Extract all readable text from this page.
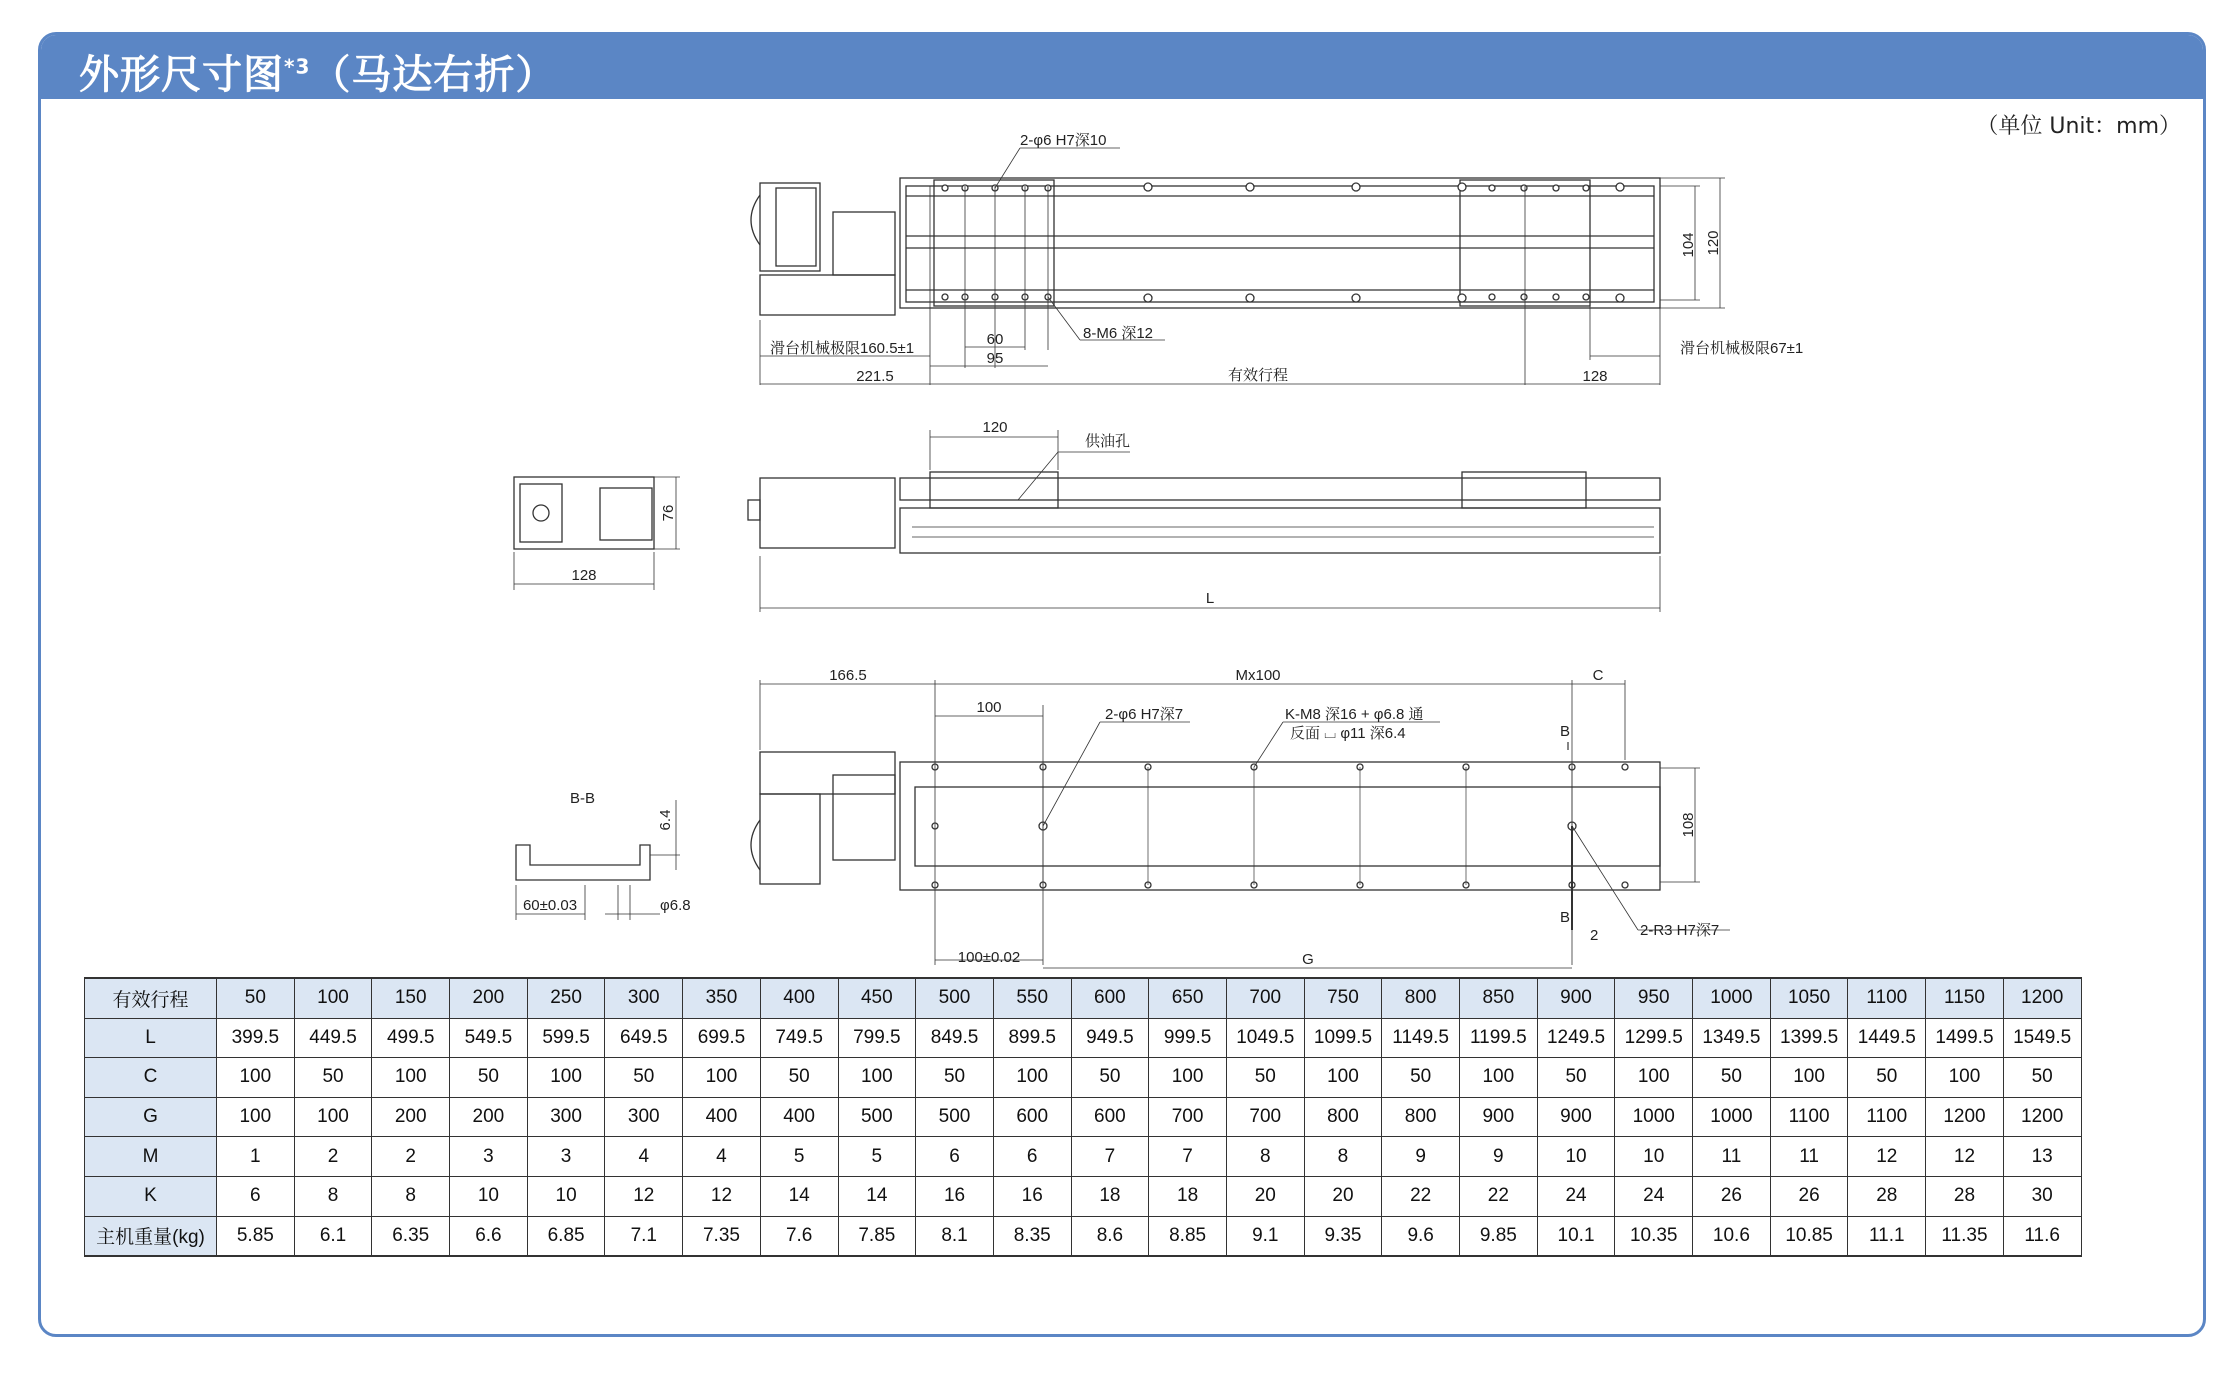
外形尺寸图$^{*3}$（马达右折）
（单位 Unit：mm）
2-φ6 H7深10
8-M6 深12
104 120
60
95
滑台机械极限160.5±1	滑台机械极限67±1
221.5	有效行程	128
120
供油孔
L
76
128
166.5	Mx100	C
100	2-φ6 H7深7	K-M8 深16 + φ6.8 通
反面 ⌴ φ11 深6.4	B
B
108
2	2-R3 H7深7
100±0.02	G
B-B
6.4
60±0.03	φ6.8
有效行程	50	100	150	200	250	300	350	400	450	500	550	600	650	700	750	800	850	900	950	1000	1050	1100	1150	1200
L	399.5	449.5	499.5	549.5	599.5	649.5	699.5	749.5	799.5	849.5	899.5	949.5	999.5	1049.5	1099.5	1149.5	1199.5	1249.5	1299.5	1349.5	1399.5	1449.5	1499.5	1549.5
C	100	50	100	50	100	50	100	50	100	50	100	50	100	50	100	50	100	50	100	50	100	50	100	50
G	100	100	200	200	300	300	400	400	500	500	600	600	700	700	800	800	900	900	1000	1000	1100	1100	1200	1200
M	1	2	2	3	3	4	4	5	5	6	6	7	7	8	8	9	9	10	10	11	11	12	12	13
K	6	8	8	10	10	12	12	14	14	16	16	18	18	20	20	22	22	24	24	26	26	28	28	30
主机重量(kg)	5.85	6.1	6.35	6.6	6.85	7.1	7.35	7.6	7.85	8.1	8.35	8.6	8.85	9.1	9.35	9.6	9.85	10.1	10.35	10.6	10.85	11.1	11.35	11.6
